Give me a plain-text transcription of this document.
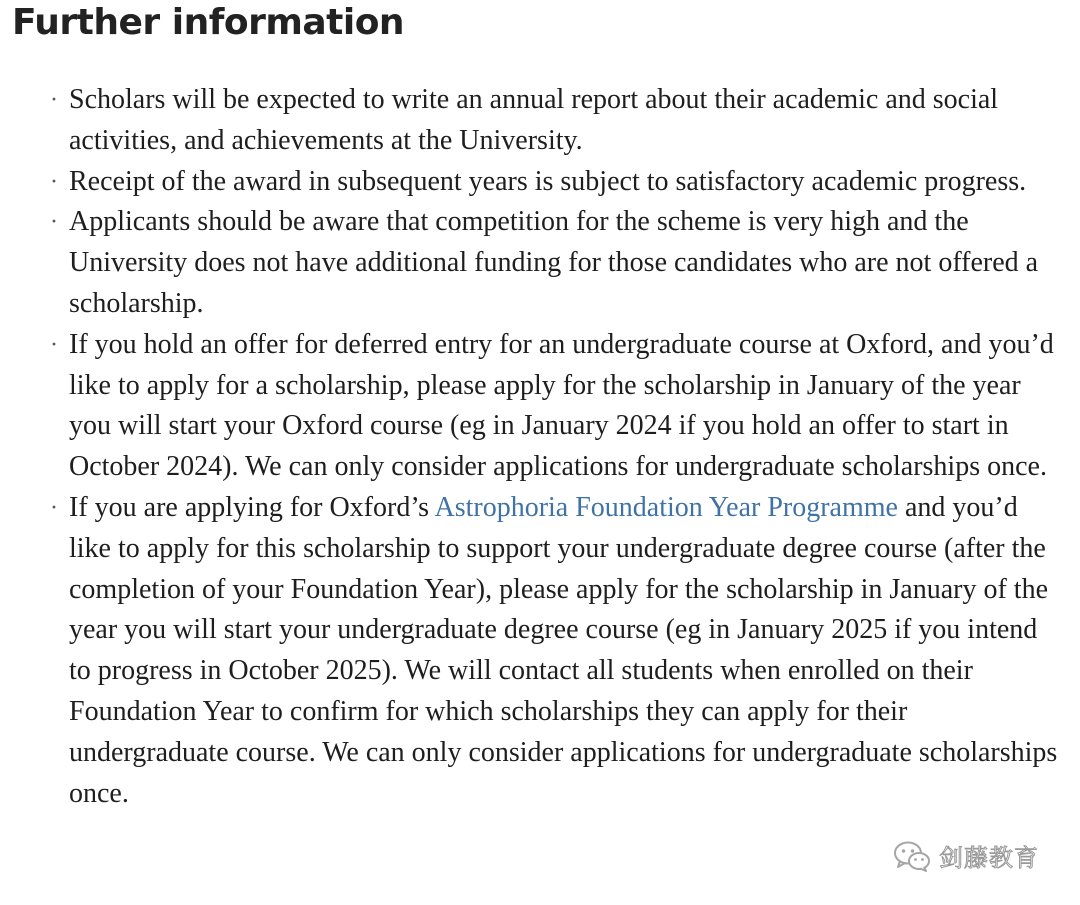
Further information
· Scholars will be expected to write an annual report about their academic and social activities, and achievements at the University.
· Receipt of the award in subsequent years is subject to satisfactory academic progress.
· Applicants should be aware that competition for the scheme is very high and the University does not have additional funding for those candidates who are not offered a scholarship.
· If you hold an offer for deferred entry for an undergraduate course at Oxford, and you’d like to apply for a scholarship, please apply for the scholarship in January of the year you will start your Oxford course (eg in January 2024 if you hold an offer to start in October 2024). We can only consider applications for undergraduate scholarships once.
· If you are applying for Oxford’s Astrophoria Foundation Year Programme and you’d like to apply for this scholarship to support your undergraduate degree course (after the completion of your Foundation Year), please apply for the scholarship in January of the year you will start your undergraduate degree course (eg in January 2025 if you intend to progress in October 2025). We will contact all students when enrolled on their Foundation Year to confirm for which scholarships they can apply for their undergraduate course. We can only consider applications for undergraduate scholarships once.
剑藤教育
